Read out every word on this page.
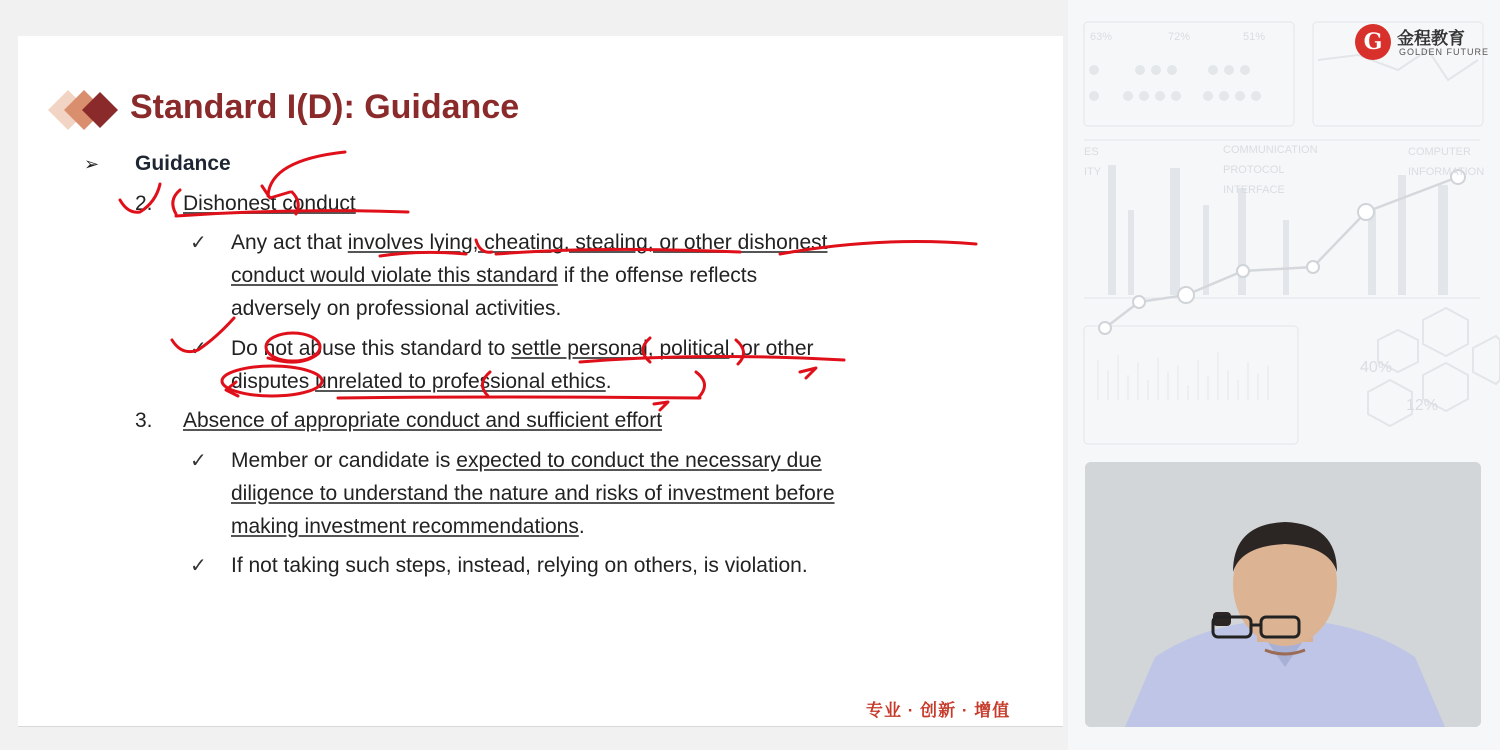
63%	72%	51%
ES
ITY
COMMUNICATION
PROTOCOL
INTERFACE
COMPUTER
INFORMATION
40%
12%
G 金程教育
GOLDEN FUTURE
Standard I(D): Guidance
➢ Guidance
2. Dishonest conduct
✓ Any act that involves lying, cheating, stealing, or other dishonest
conduct would violate this standard if the offense reflects
adversely on professional activities.
✓ Do not abuse this standard to settle personal, political, or other
disputes unrelated to professional ethics.
3. Absence of appropriate conduct and sufficient effort
✓ Member or candidate is expected to conduct the necessary due
diligence to understand the nature and risks of investment before
making investment recommendations.
✓ If not taking such steps, instead, relying on others, is violation.
专业 · 创新 · 增值
